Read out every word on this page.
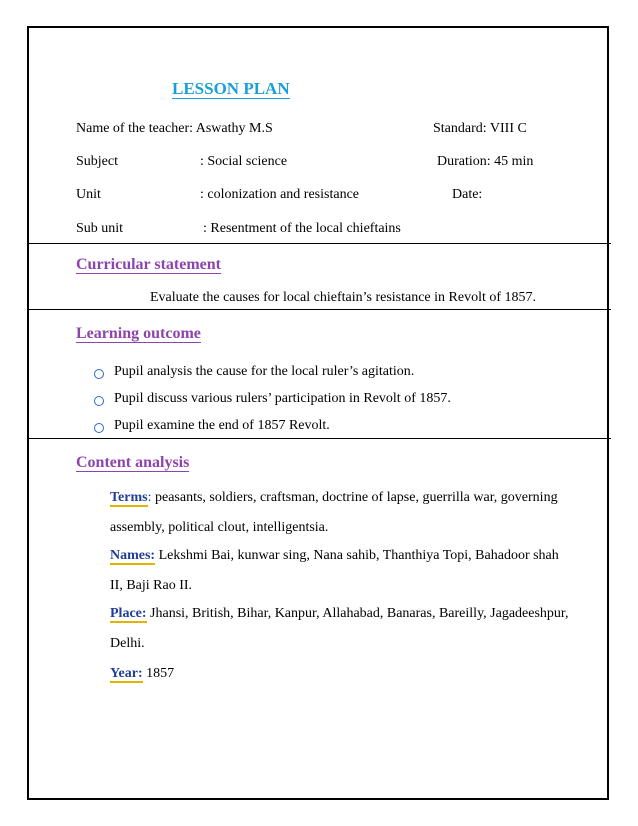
LESSON PLAN
Name of the teacher: Aswathy M.S	Standard: VIII C
Subject	: Social science	Duration: 45 min
Unit	: colonization and resistance	Date:
Sub unit	: Resentment of the local chieftains
Curricular statement
Evaluate the causes for local chieftain’s resistance in Revolt of 1857.
Learning outcome
Pupil analysis the cause for the local ruler’s agitation.
Pupil discuss various rulers’ participation in Revolt of 1857.
Pupil examine the end of 1857 Revolt.
Content analysis
Terms: peasants, soldiers, craftsman, doctrine of lapse, guerrilla war, governing assembly, political clout, intelligentsia.
Names: Lekshmi Bai, kunwar sing, Nana sahib, Thanthiya Topi, Bahadoor shah II, Baji Rao II.
Place: Jhansi, British, Bihar, Kanpur, Allahabad, Banaras, Bareilly, Jagadeeshpur, Delhi.
Year: 1857
